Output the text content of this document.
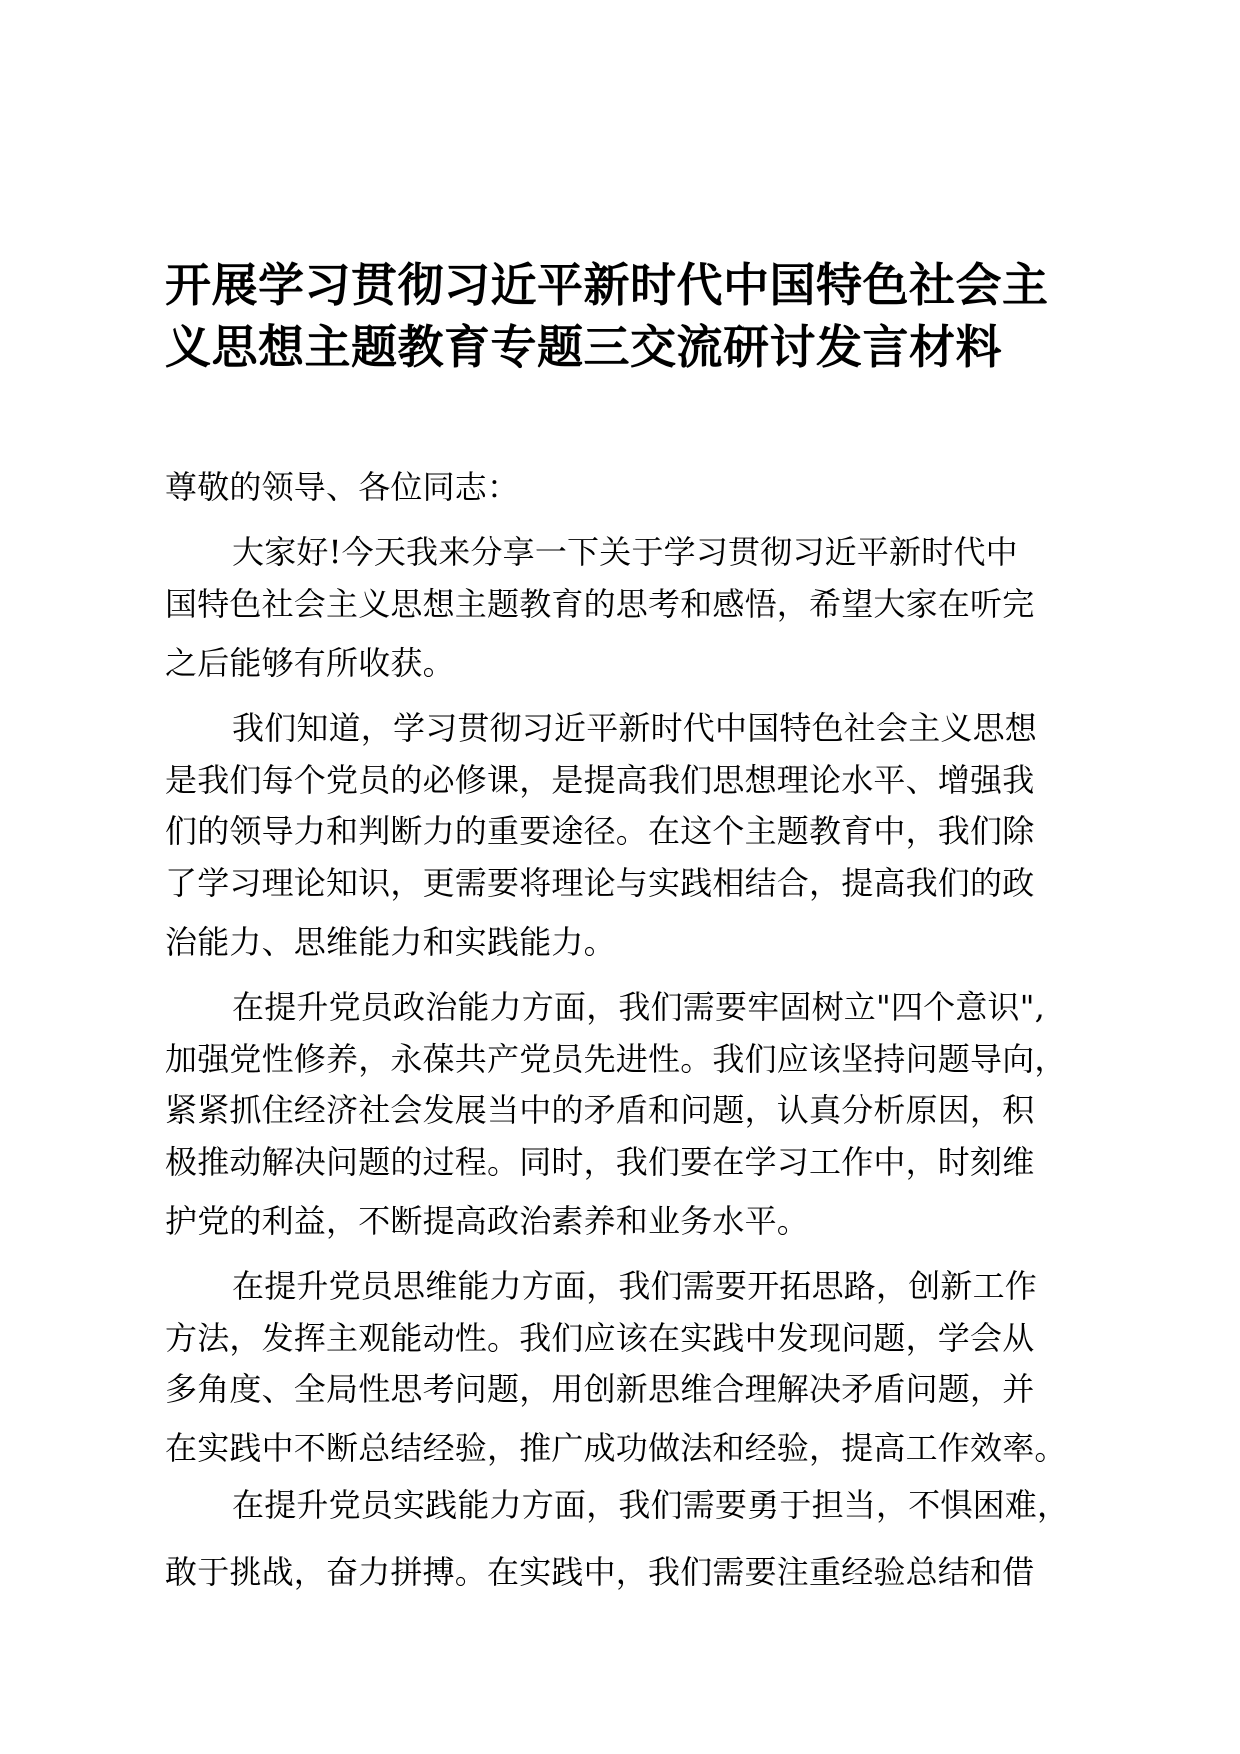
开展学习贯彻习近平新时代中国特色社会主
义思想主题教育专题三交流研讨发言材料
尊敬的领导、各位同志：
大家好!今天我来分享一下关于学习贯彻习近平新时代中
国特色社会主义思想主题教育的思考和感悟，希望大家在听完
之后能够有所收获。
我们知道，学习贯彻习近平新时代中国特色社会主义思想
是我们每个党员的必修课，是提高我们思想理论水平、增强我
们的领导力和判断力的重要途径。在这个主题教育中，我们除
了学习理论知识，更需要将理论与实践相结合，提高我们的政
治能力、思维能力和实践能力。
在提升党员政治能力方面，我们需要牢固树立"四个意识",
加强党性修养，永葆共产党员先进性。我们应该坚持问题导向，
紧紧抓住经济社会发展当中的矛盾和问题，认真分析原因，积
极推动解决问题的过程。同时，我们要在学习工作中，时刻维
护党的利益，不断提高政治素养和业务水平。
在提升党员思维能力方面，我们需要开拓思路，创新工作
方法，发挥主观能动性。我们应该在实践中发现问题，学会从
多角度、全局性思考问题，用创新思维合理解决矛盾问题，并
在实践中不断总结经验，推广成功做法和经验，提高工作效率。
在提升党员实践能力方面，我们需要勇于担当，不惧困难，
敢于挑战，奋力拼搏。在实践中，我们需要注重经验总结和借
